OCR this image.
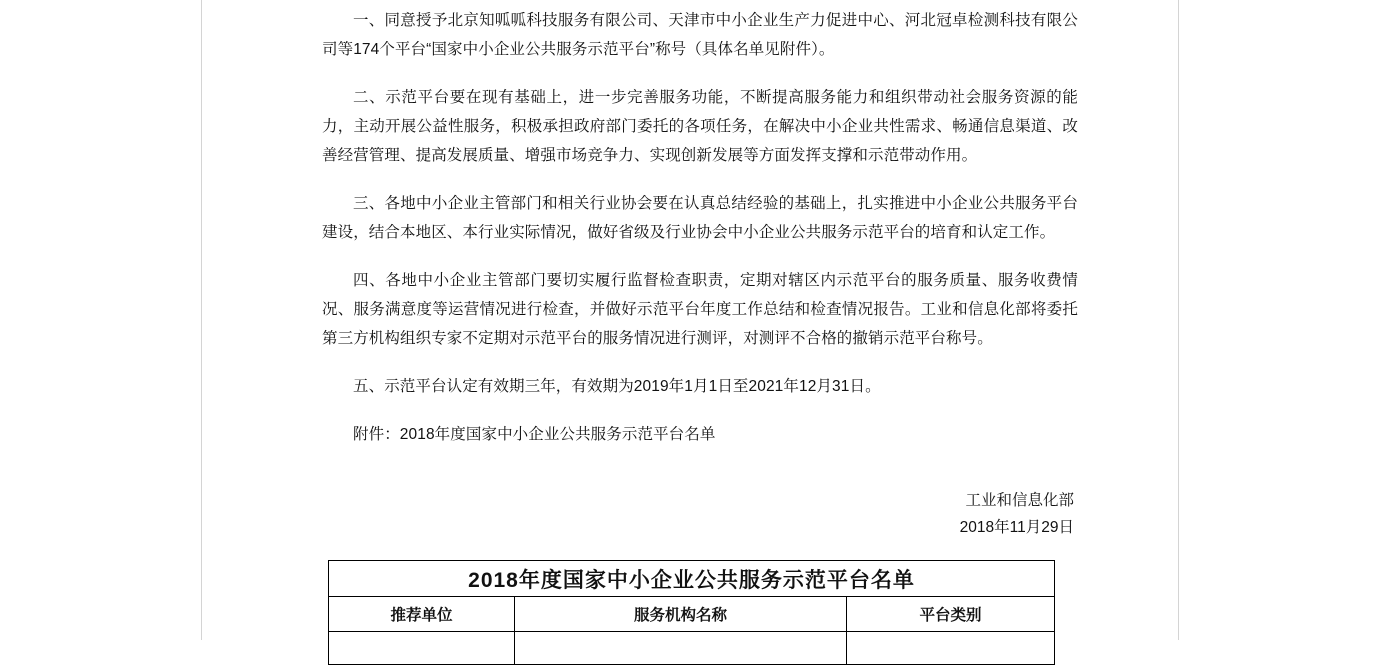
一、同意授予北京知呱呱科技服务有限公司、天津市中小企业生产力促进中心、河北冠卓检测科技有限公司等174个平台“国家中小企业公共服务示范平台”称号（具体名单见附件）。

二、示范平台要在现有基础上，进一步完善服务功能，不断提高服务能力和组织带动社会服务资源的能力，主动开展公益性服务，积极承担政府部门委托的各项任务，在解决中小企业共性需求、畅通信息渠道、改善经营管理、提高发展质量、增强市场竞争力、实现创新发展等方面发挥支撑和示范带动作用。

三、各地中小企业主管部门和相关行业协会要在认真总结经验的基础上，扎实推进中小企业公共服务平台建设，结合本地区、本行业实际情况，做好省级及行业协会中小企业公共服务示范平台的培育和认定工作。

四、各地中小企业主管部门要切实履行监督检查职责，定期对辖区内示范平台的服务质量、服务收费情况、服务满意度等运营情况进行检查，并做好示范平台年度工作总结和检查情况报告。工业和信息化部将委托第三方机构组织专家不定期对示范平台的服务情况进行测评，对测评不合格的撤销示范平台称号。

五、示范平台认定有效期三年，有效期为2019年1月1日至2021年12月31日。

附件：2018年度国家中小企业公共服务示范平台名单

工业和信息化部
2018年11月29日
2018年度国家中小企业公共服务示范平台名单		
推荐单位	服务机构名称	平台类别
